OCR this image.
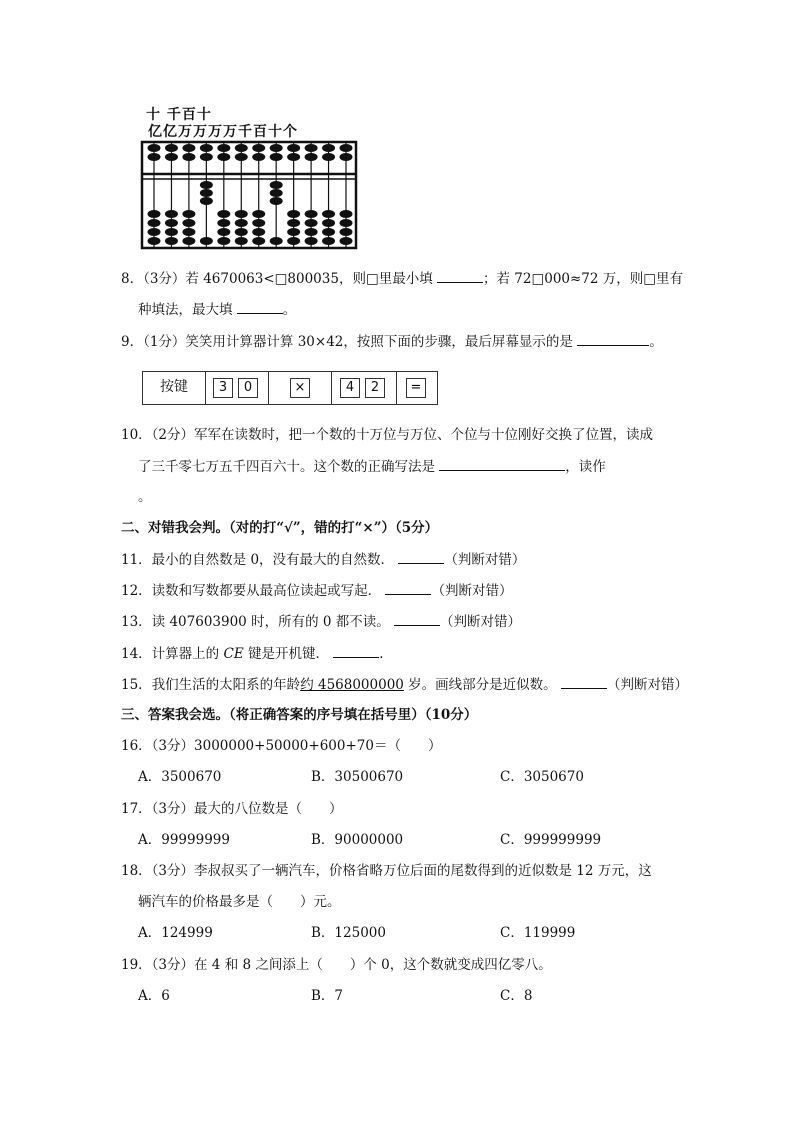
十 千百十
亿亿万万万万千百十个
8．（3分）若 4670063<□800035，则□里最小填	；若 72□000≈72 万，则□里有
种填法，最大填	。
9．（1分）笑笑用计算器计算 30×42，按照下面的步骤，最后屏幕显示的是	。
按键	3	0	×	4	2	=
10．（2分）军军在读数时，把一个数的十万位与万位、个位与十位刚好交换了位置，读成
了三千零七万五千四百六十。这个数的正确写法是	，读作
。
二、对错我会判。（对的打“√”，错的打“×”）（5分）
11．最小的自然数是 0，没有最大的自然数．	（判断对错）
12．读数和写数都要从最高位读起或写起．	（判断对错）
13．读 407603900 时，所有的 0 都不读。	（判断对错）
14．计算器上的 CE 键是开机键．	.
15．我们生活的太阳系的年龄约 4568000000 岁。画线部分是近似数。	（判断对错）
三、答案我会选。（将正确答案的序号填在括号里）（10分）
16．（3分）3000000+50000+600+70＝（　　）
A．3500670	B．30500670	C．3050670
17．（3分）最大的八位数是（　　）
A．99999999	B．90000000	C．999999999
18．（3分）李叔叔买了一辆汽车，价格省略万位后面的尾数得到的近似数是 12 万元，这
辆汽车的价格最多是（　　）元。
A．124999	B．125000	C．119999
19．（3分）在 4 和 8 之间添上（　　）个 0，这个数就变成四亿零八。
A．6	B．7	C．8
